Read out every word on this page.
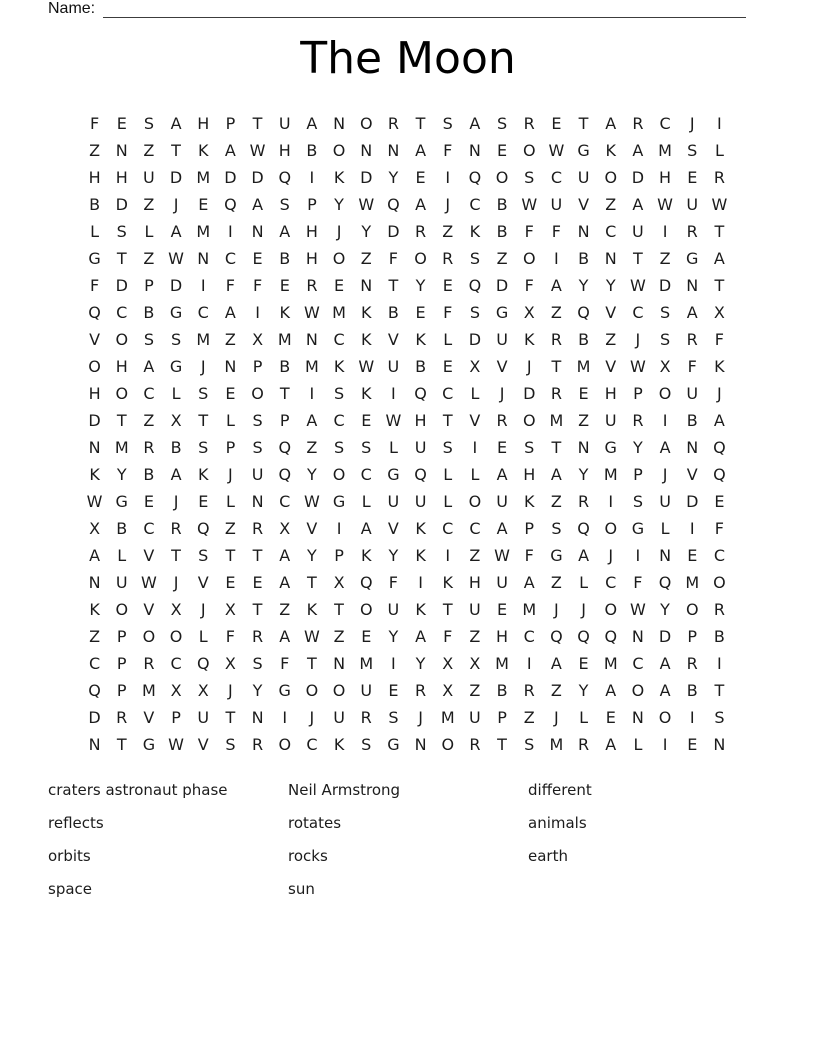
Name:
The Moon
F	E	S	A H	P	T	U A N O R	T	S	A	S	R	E	T	A	R	C	J	I
Z N Z	T	K	A W H B O N N A	F	N	E O W G K	A M S	L
H H U D M D D Q	I	K D	Y	E	I	Q O S	C U O D H	E	R
B D Z	J	E Q A	S	P	Y W Q A	J	C	B W U V	Z	A W U W
L	S	L	A M	I	N A H	J	Y	D R	Z	K	B	F	F	N C U	I	R	T
G	T	Z W N C	E	B H O Z	F	O R	S	Z O	I	B N	T	Z G A
F	D	P	D	I	F	F	E	R	E	N	T	Y	E Q D	F	A	Y	Y W D N	T
Q C	B G C	A	I	K W M K	B	E	F	S G X	Z Q V	C	S	A	X
V O S	S M Z	X M N C	K	V	K	L	D U	K	R	B	Z	J	S	R	F
O H A G	J	N	P	B M K W U B	E	X	V	J	T M V W X	F	K
H O C	L	S	E O T	I	S	K	I	Q C	L	J	D R	E	H	P	O U	J
D	T	Z	X	T	L	S	P	A	C	E W H	T	V	R O M Z U R	I	B	A
N M R	B	S	P	S Q Z	S	S	L	U	S	I	E	S	T	N G	Y	A N Q
K	Y	B	A	K	J	U Q Y O C G Q	L	L	A H A	Y M P	J	V Q
W G E	J	E	L	N C W G	L	U U	L	O U	K	Z	R	I	S	U D E
X	B	C	R Q Z	R	X	V	I	A	V	K	C C	A	P	S Q O G	L	I	F
A	L	V	T	S	T	T	A	Y	P	K	Y	K	I	Z W F	G A	J	I	N	E	C
N U W	J	V	E	E	A	T	X Q	F	I	K H U A	Z	L	C	F	Q M O
K O V	X	J	X	T	Z	K	T O U	K	T	U	E M	J	J	O W Y O R
Z	P	O O	L	F	R	A W Z	E	Y	A	F	Z H C Q Q Q N D	P	B
C	P	R	C Q X	S	F	T	N M	I	Y	X	X M	I	A	E M C	A	R	I
Q	P M X	X	J	Y	G O O U	E	R	X	Z	B	R	Z	Y	A O A	B	T
D R	V	P	U	T	N	I	J	U R	S	J	M U	P	Z	J	L	E	N O	I	S
N	T	G W V	S	R O C	K	S G N O R	T	S M R	A	L	I	E	N
craters astronaut phase
reflects
orbits
space
Neil Armstrong
rotates
rocks
sun
different
animals
earth
